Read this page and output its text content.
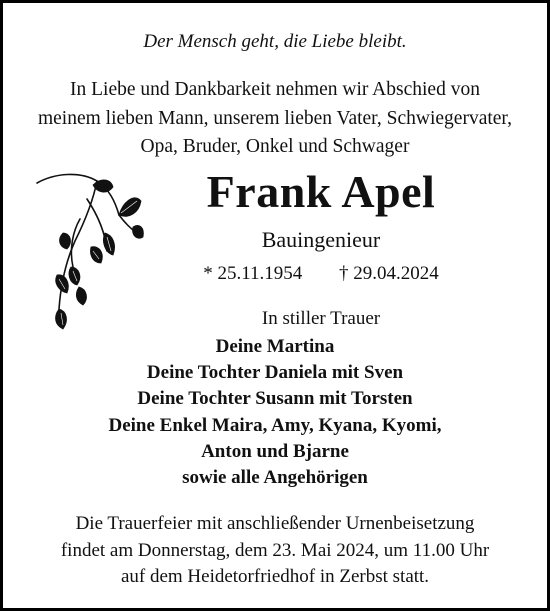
Der Mensch geht, die Liebe bleibt.
In Liebe und Dankbarkeit nehmen wir Abschied von
meinem lieben Mann, unserem lieben Vater, Schwiegervater,
Opa, Bruder, Onkel und Schwager
Frank Apel
Bauingenieur
* 25.11.1954 † 29.04.2024
In stiller Trauer
Deine Martina
Deine Tochter Daniela mit Sven
Deine Tochter Susann mit Torsten
Deine Enkel Maira, Amy, Kyana, Kyomi,
Anton und Bjarne
sowie alle Angehörigen
Die Trauerfeier mit anschließender Urnenbeisetzung
findet am Donnerstag, dem 23. Mai 2024, um 11.00 Uhr
auf dem Heidetorfriedhof in Zerbst statt.
